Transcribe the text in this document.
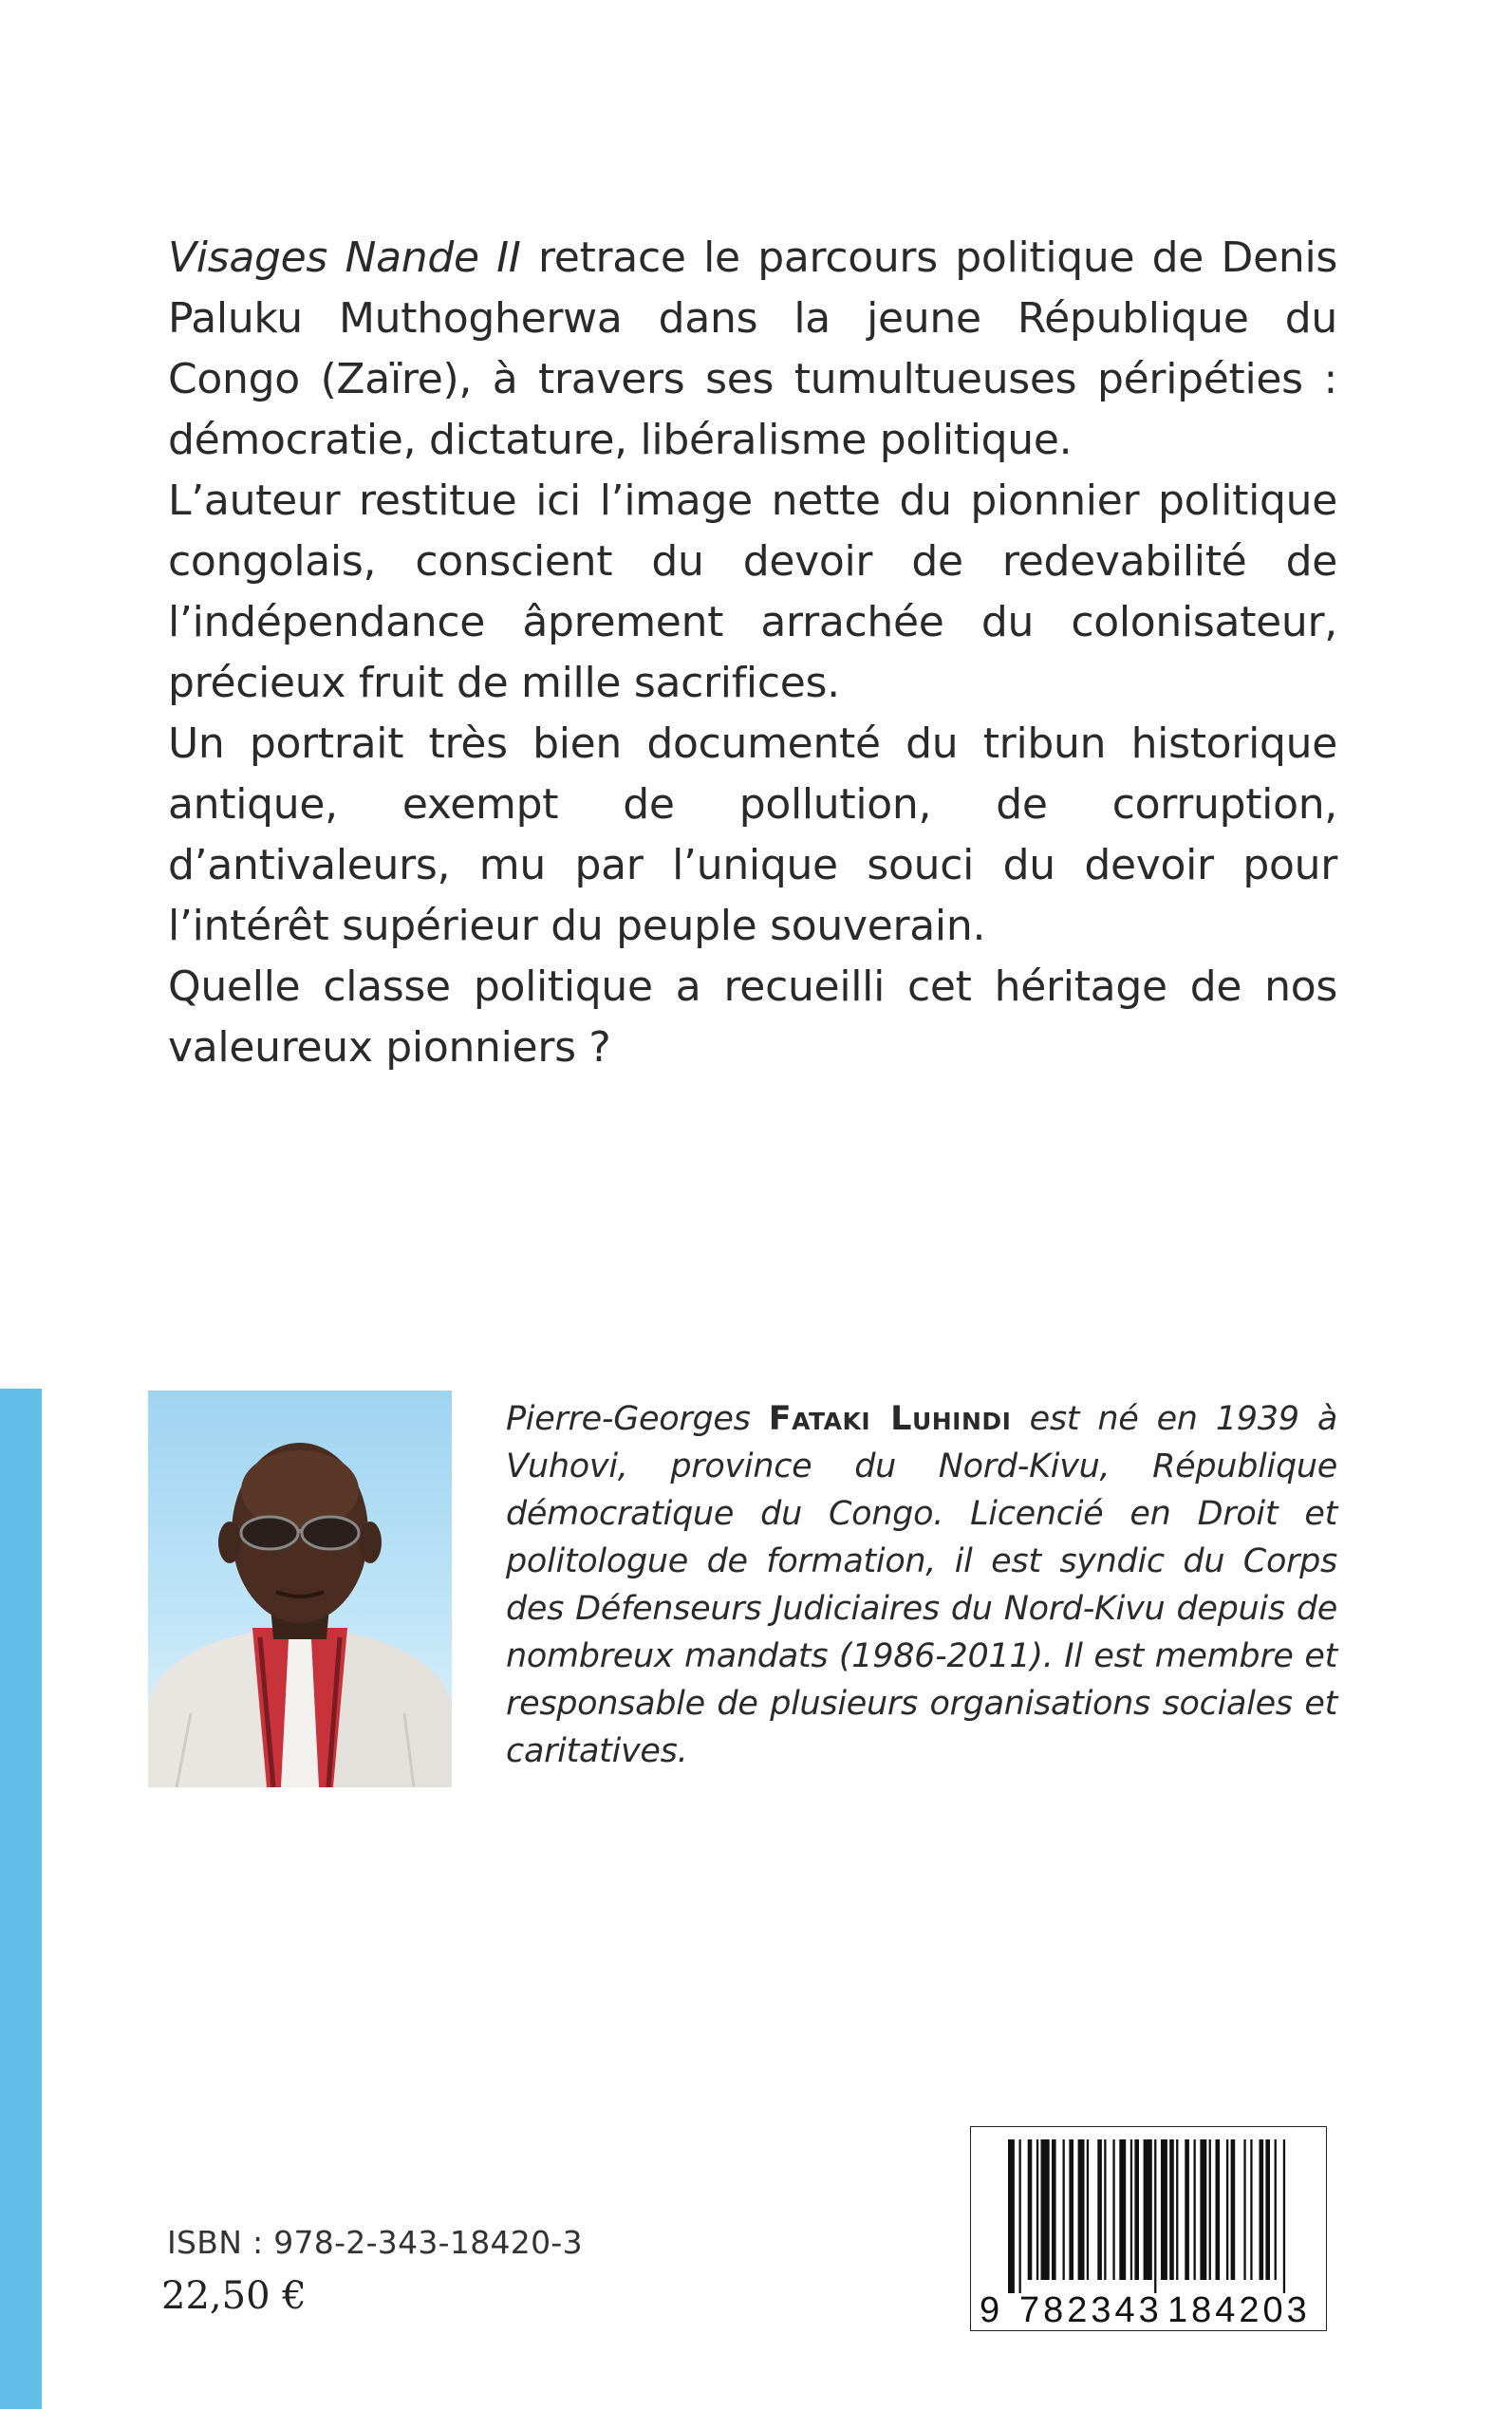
Visages Nande II retrace le parcours politique de Denis Paluku Muthogherwa dans la jeune République du Congo (Zaïre), à travers ses tumultueuses péripéties : démocratie, dictature, libéralisme politique.

L’auteur restitue ici l’image nette du pionnier politique congolais, conscient du devoir de redevabilité de l’indépendance âprement arrachée du colonisateur, précieux fruit de mille sacrifices.

Un portrait très bien documenté du tribun historique antique, exempt de pollution, de corruption, d’antivaleurs, mu par l’unique souci du devoir pour l’intérêt supérieur du peuple souverain.

Quelle classe politique a recueilli cet héritage de nos valeureux pionniers ?

Pierre-Georges Fataki Luhindi est né en 1939 à Vuhovi, province du Nord-Kivu, République démocratique du Congo. Licencié en Droit et politologue de formation, il est syndic du Corps des Défenseurs Judiciaires du Nord-Kivu depuis de nombreux mandats (1986-2011). Il est membre et responsable de plusieurs organisations sociales et caritatives.
ISBN : 978-2-343-18420-3
22,50 €	9 782343 184203
